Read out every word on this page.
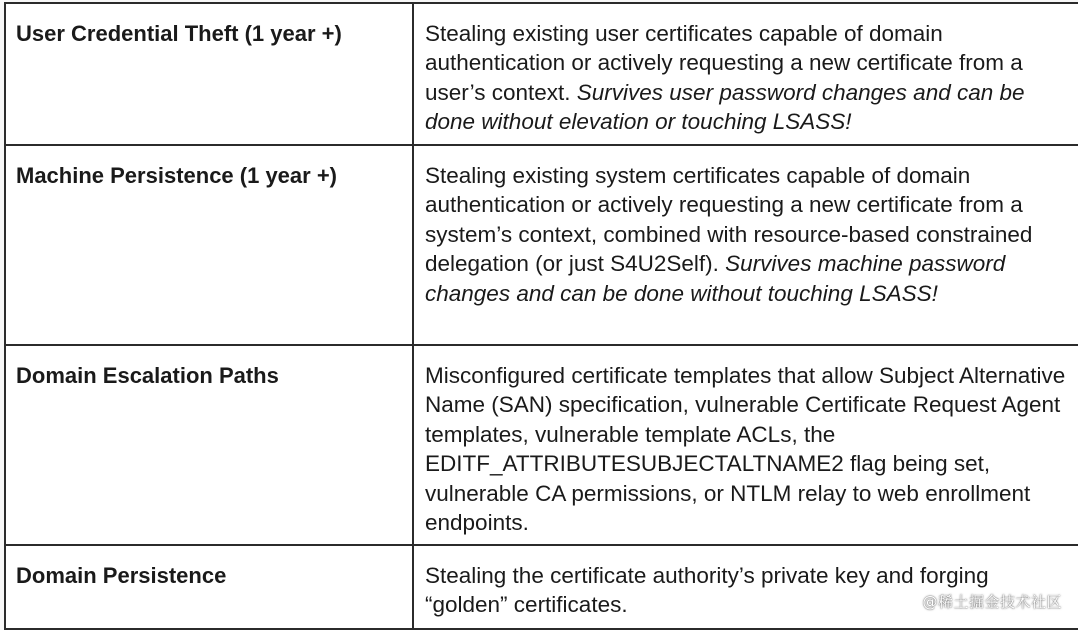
User Credential Theft (1 year +)	Stealing existing user certificates capable of domain authentication or actively requesting a new certificate from a user’s context. Survives user password changes and can be done without elevation or touching LSASS!

Machine Persistence (1 year +)	Stealing existing system certificates capable of domain authentication or actively requesting a new certificate from a system’s context, combined with resource-based constrained delegation (or just S4U2Self). Survives machine password changes and can be done without touching LSASS!

Domain Escalation Paths	Misconfigured certificate templates that allow Subject Alternative Name (SAN) specification, vulnerable Certificate Request Agent templates, vulnerable template ACLs, the EDITF_ATTRIBUTESUBJECTALTNAME2 flag being set, vulnerable CA permissions, or NTLM relay to web enrollment endpoints.

Domain Persistence	Stealing the certificate authority’s private key and forging “golden” certificates.	@稀土掘金技术社区
